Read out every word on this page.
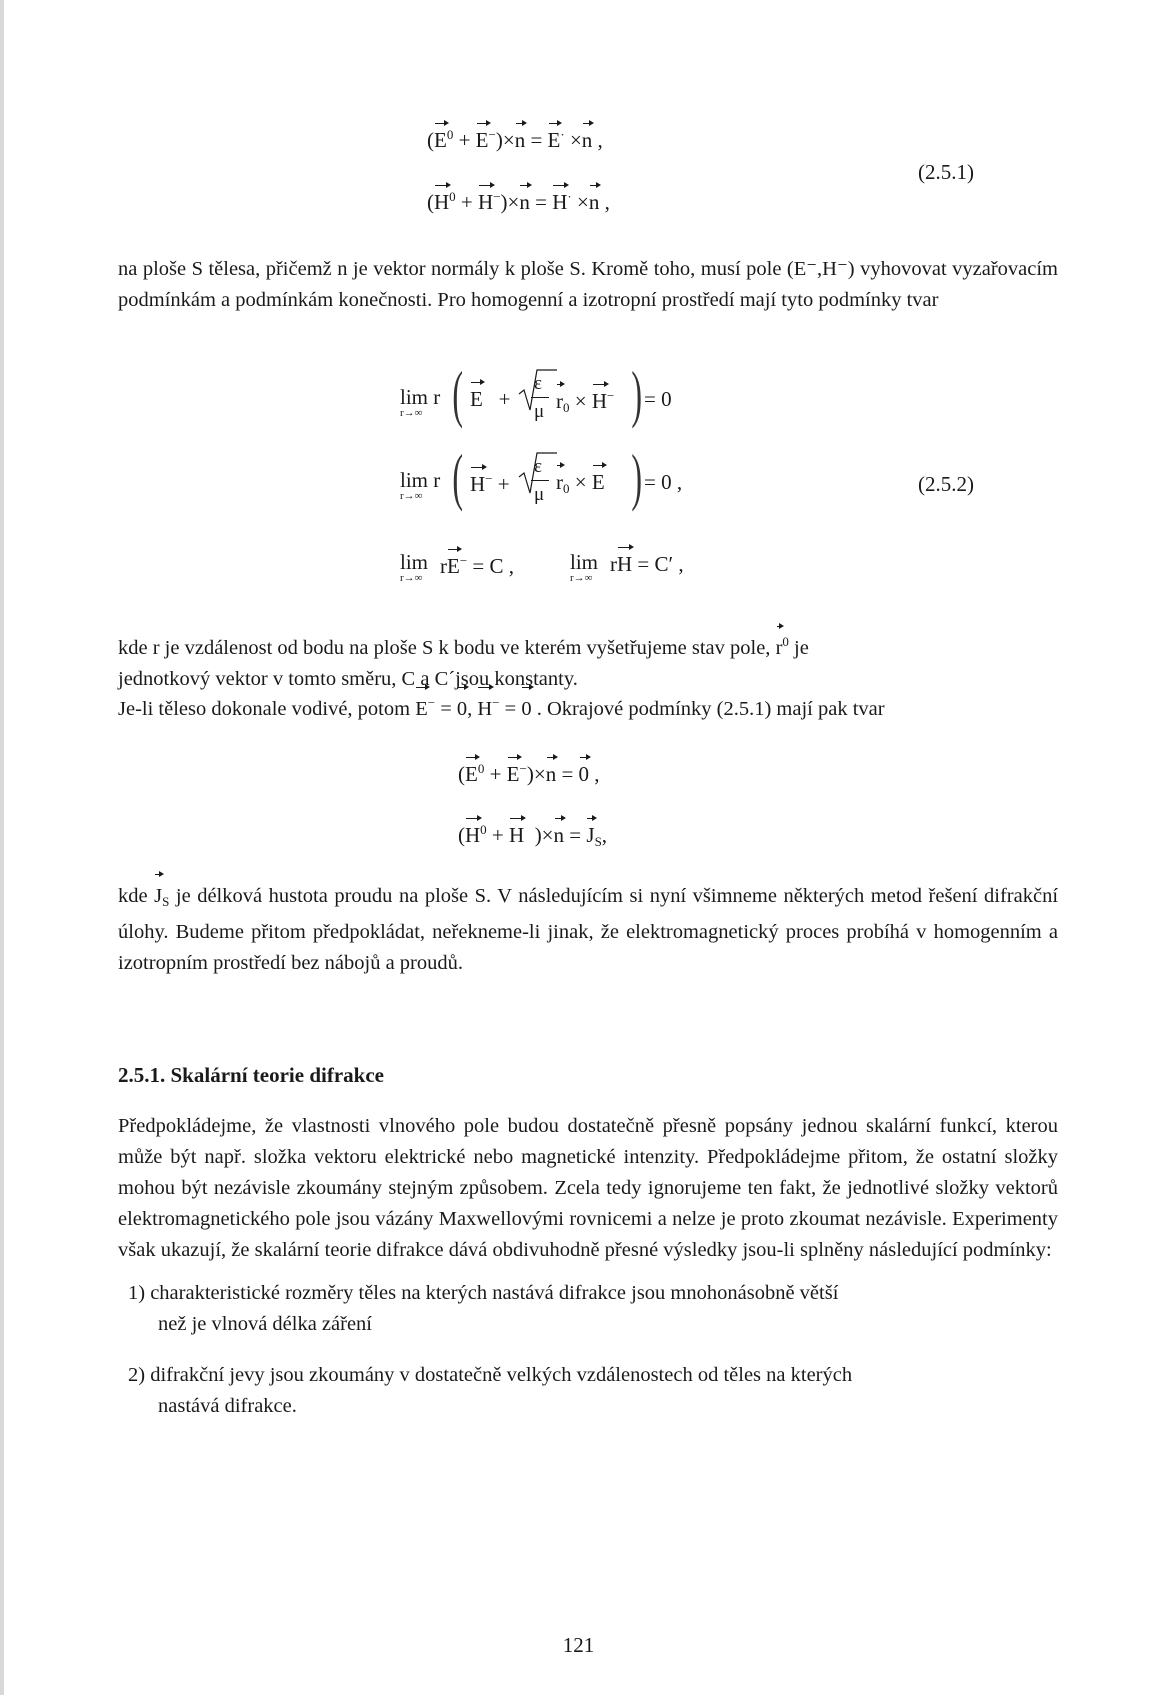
$(E^0 + E^-)\times n = E^\cdot \times n$ ,
$(H^0 + H^-)\times n = H^\cdot \times n$ ,
(2.5.1)
na ploše S tělesa, přičemž n je vektor normály k ploše S. Kromě toho, musí pole (E⁻,H⁻) vyhovovat vyzařovacím podmínkám a podmínkám konečnosti. Pro homogenní a izotropní prostředí mají tyto podmínky tvar
lim r
r→∞ ( E   +
ε
μ $r_0 \times H^-$ ) = 0
lim r
r→∞ ( H− +
ε
μ
$r_0 \times E$ ) = 0 ,	(2.5.2)
lim
r→∞ rE− = C ,	lim
r→∞
rH = C′ ,
kde r je vzdálenost od bodu na ploše S k bodu ve kterém vyšetřujeme stav pole, $r^0$ je
jednotkový vektor v tomto směru, C a C´jsou konstanty.
Je-li těleso dokonale vodivé, potom E− = 0, H− = 0 . Okrajové podmínky (2.5.1) mají pak tvar
$(E^0 + E^-)\times n = 0$ ,
($H^0 + H$  )$\times n = J_S$,
kde $J_S$ je délková hustota proudu na ploše S. V následujícím si nyní všimneme některých metod řešení difrakční úlohy. Budeme přitom předpokládat, neřekneme-li jinak, že elektromagnetický proces probíhá v homogenním a izotropním prostředí bez nábojů a proudů.
2.5.1. Skalární teorie difrakce
Předpokládejme, že vlastnosti vlnového pole budou dostatečně přesně popsány jednou skalární funkcí, kterou může být např. složka vektoru elektrické nebo magnetické intenzity. Předpokládejme přitom, že ostatní složky mohou být nezávisle zkoumány stejným způsobem. Zcela tedy ignorujeme ten fakt, že jednotlivé složky vektorů elektromagnetického pole jsou vázány Maxwellovými rovnicemi a nelze je proto zkoumat nezávisle. Experimenty však ukazují, že skalární teorie difrakce dává obdivuhodně přesné výsledky jsou-li splněny následující podmínky:
1) charakteristické rozměry těles na kterých nastává difrakce jsou mnohonásobně větší
než je vlnová délka záření
2) difrakční jevy jsou zkoumány v dostatečně velkých vzdálenostech od těles na kterých
nastává difrakce.
121
